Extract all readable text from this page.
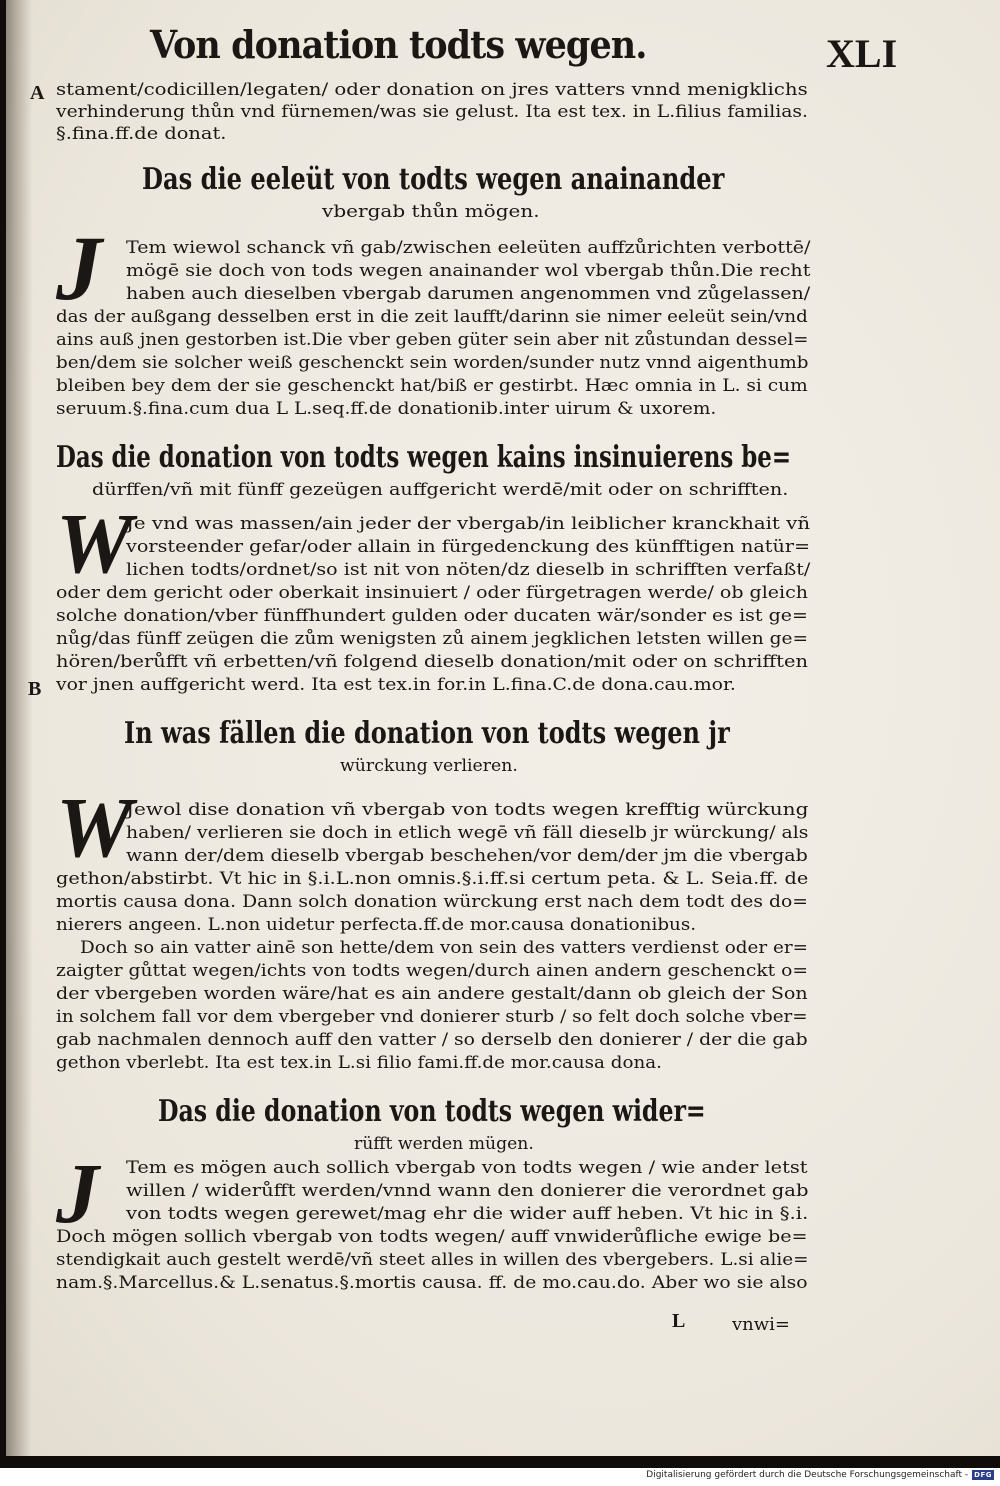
Von donation todts wegen.	XLI
A
B
stament/codicillen/legaten/ oder donation on jres vatters vnnd menigklichs
verhinderung thůn vnd fürnemen/was sie gelust. Ita est tex. in L.filius familias.
§.fina.ff.de donat.
Das die eeleüt von todts wegen anainander
vbergab thůn mögen.
J Tem wiewol schanck vñ gab/zwischen eeleüten auffzůrichten verbottē/
mögē sie doch von tods wegen anainander wol vbergab thůn.Die recht
haben auch dieselben vbergab darumen angenommen vnd zůgelassen/
das der außgang desselben erst in die zeit laufft/darinn sie nimer eeleüt sein/vnd
ains auß jnen gestorben ist.Die vber geben güter sein aber nit zůstundan dessel=
ben/dem sie solcher weiß geschenckt sein worden/sunder nutz vnnd aigenthumb
bleiben bey dem der sie geschenckt hat/biß er gestirbt. Hæc omnia in L. si cum
seruum.§.fina.cum dua L L.seq.ff.de donationib.inter uirum & uxorem.
Das die donation von todts wegen kains insinuierens be=
dürffen/vñ mit fünff gezeügen auffgericht werdē/mit oder on schrifften.
W
Je vnd was massen/ain jeder der vbergab/in leiblicher kranckhait vñ
vorsteender gefar/oder allain in fürgedenckung des künfftigen natür=
lichen todts/ordnet/so ist nit von nöten/dz dieselb in schrifften verfaßt/
oder dem gericht oder oberkait insinuiert / oder fürgetragen werde/ ob gleich
solche donation/vber fünffhundert gulden oder ducaten wär/sonder es ist ge=
nůg/das fünff zeügen die zům wenigsten zů ainem jegklichen letsten willen ge=
hören/berůfft vñ erbetten/vñ folgend dieselb donation/mit oder on schrifften
vor jnen auffgericht werd. Ita est tex.in for.in L.fina.C.de dona.cau.mor.
In was fällen die donation von todts wegen jr
würckung verlieren.
W
Jewol dise donation vñ vbergab von todts wegen krefftig würckung
haben/ verlieren sie doch in etlich wegē vñ fäll dieselb jr würckung/ als
wann der/dem dieselb vbergab beschehen/vor dem/der jm die vbergab
gethon/abstirbt. Vt hic in §.i.L.non omnis.§.i.ff.si certum peta. & L. Seia.ff. de
mortis causa dona. Dann solch donation würckung erst nach dem todt des do=
nierers angeen. L.non uidetur perfecta.ff.de mor.causa donationibus.
Doch so ain vatter ainē son hette/dem von sein des vatters verdienst oder er=
zaigter gůttat wegen/ichts von todts wegen/durch ainen andern geschenckt o=
der vbergeben worden wäre/hat es ain andere gestalt/dann ob gleich der Son
in solchem fall vor dem vbergeber vnd donierer sturb / so felt doch solche vber=
gab nachmalen dennoch auff den vatter / so derselb den donierer / der die gab
gethon vberlebt. Ita est tex.in L.si filio fami.ff.de mor.causa dona.
Das die donation von todts wegen wider=
rüfft werden mügen.
J Tem es mögen auch sollich vbergab von todts wegen / wie ander letst
willen / widerůfft werden/vnnd wann den donierer die verordnet gab
von todts wegen gerewet/mag ehr die wider auff heben. Vt hic in §.i.
Doch mögen sollich vbergab von todts wegen/ auff vnwiderůfliche ewige be=
stendigkait auch gestelt werdē/vñ steet alles in willen des vbergebers. L.si alie=
nam.§.Marcellus.& L.senatus.§.mortis causa. ff. de mo.cau.do. Aber wo sie also
L	vnwi=
Digitalisierung gefördert durch die Deutsche Forschungsgemeinschaft - DFG
